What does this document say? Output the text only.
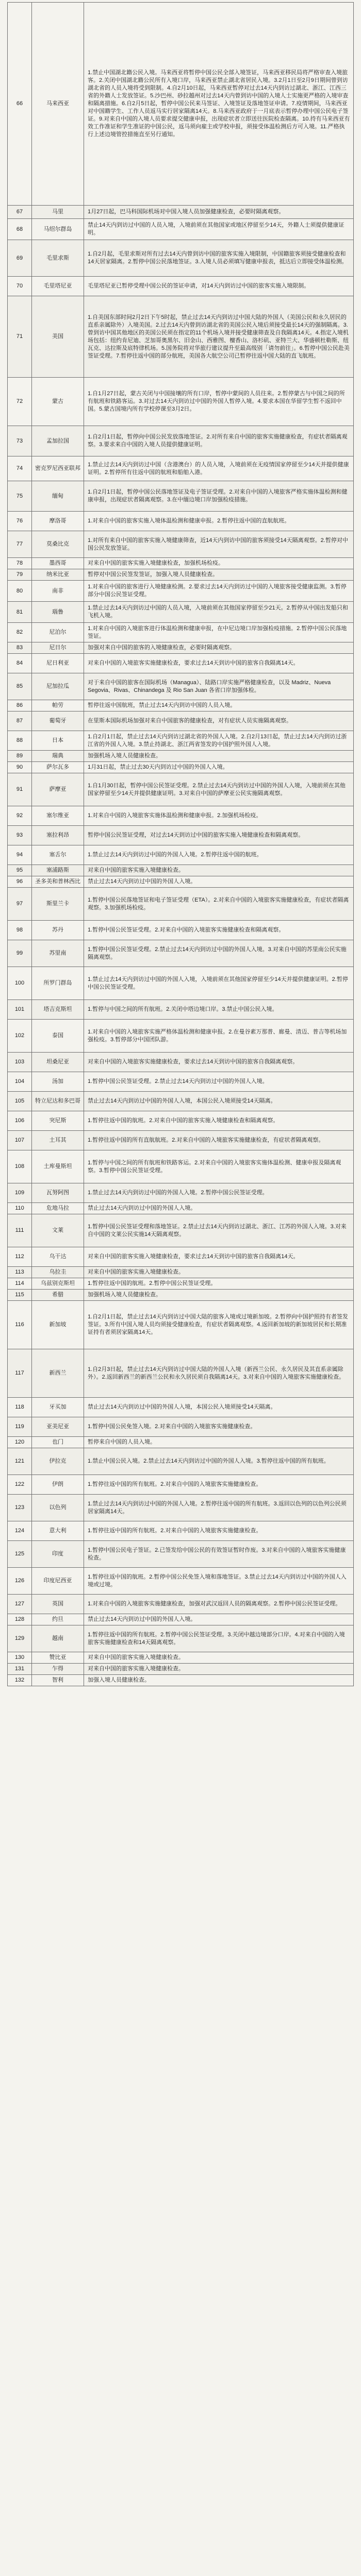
66	马来西亚	1.禁止中国湖北籍公民入境。马来西亚将暂停中国公民全部入境签证，马来西亚移民局将严格审查入境旅客。2.关闭中国湖北籍公民所有入境口岸，马来西亚禁止湖北省居民入境。3.2月1日至2月9日期间曾到访湖北省的人员入境将受到限制。4.自2月10日起，马来西亚暂停对过去14天内到访过湖北、浙江、江西三省的外籍人士发放签证。5.沙巴州、砂拉越州对过去14天内曾到访中国的入境人士实施更严格的入境审查和隔离措施。6.自2月5日起，暂停中国公民来马签证、入境签证及落地签证申请。7.疫情期间，马来西亚对中国籍学生、工作人员返马实行居家隔离14天。8.马来西亚政府于一月底表示暂停办理中国公民电子签证。9.对来自中国的入境人员要求提交健康申报，出现症状者立即送往医院检查隔离。10.持有马来西亚有效工作准证和学生准证的中国公民，返马须向雇主或学校申报，须接受体温检测后方可入境。11.严格执行上述边境管控措施直至另行通知。
67	马里	1月27日起，巴马科国际机场对中国入境人员加强健康检查，必要时隔离观察。
68	马绍尔群岛	禁止14天内到访过中国的人员入境，入境前须在其他国家或地区停留至少14天，外籍人士须提供健康证明。
69	毛里求斯	1.自2月起，毛里求斯对所有过去14天内曾到访中国的旅客实施入境限制，中国籍旅客须接受健康检查和14天居家隔离。2.暂停中国公民落地签证。3.入境人员必须填写健康申报表，抵达后立即接受体温检测。
70	毛里塔尼亚	毛里塔尼亚已暂停受理中国公民的签证申请，对14天内到访过中国的旅客实施入境限制。
71	美国	1.自美国东部时间2月2日下午5时起，禁止过去14天内到访过中国大陆的外国人（美国公民和永久居民的直系亲属除外）入境美国。2.过去14天内曾到访湖北省的美国公民入境后须接受最长14天的强制隔离。3.曾到访中国其他地区的美国公民须在指定的11个机场入境并接受健康筛查及自我隔离14天。4.指定入境机场包括：纽约肯尼迪、芝加哥奥黑尔、旧金山、西雅图、檀香山、洛杉矶、亚特兰大、华盛顿杜勒斯、纽瓦克、达拉斯及底特律机场。5.国务院将对华旅行建议提升至最高级别「请勿前往」。6.暂停中国公民赴美签证受理。7.暂停往返中国的部分航班，美国各大航空公司已暂停往返中国大陆的直飞航班。
72	蒙古	1.自1月27日起，蒙古关闭与中国接壤的所有口岸，暂停中蒙间的人员往来。2.暂停蒙古与中国之间的所有航班和铁路客运。3.对过去14天内到访过中国的外国人暂停入境。4.要求本国在华留学生暂不返回中国。5.蒙古国境内所有学校停课至3月2日。
73	孟加拉国	1.自2月1日起，暂停向中国公民发放落地签证。2.对所有来自中国的旅客实施健康检查，有症状者隔离观察。3.要求来自中国的入境人员提供健康证明。
74	密克罗尼西亚联邦	1.禁止过去14天内到访过中国（含港澳台）的人员入境，入境前须在无疫情国家停留至少14天并提供健康证明。2.暂停所有往返中国的航班和船舶入港。
75	缅甸	1.自2月1日起，暂停中国公民落地签证及电子签证受理。2.对来自中国的入境旅客严格实施体温检测和健康申报，出现症状者隔离观察。3.在中缅边境口岸加强检疫措施。
76	摩洛哥	1.对来自中国的旅客实施入境体温检测和健康申报。2.暂停往返中国的直航航班。
77	莫桑比克	1.对所有来自中国的旅客实施入境健康筛查，近14天内到访中国的旅客须接受14天隔离观察。2.暂停对中国公民发放签证。
78	墨西哥	对来自中国的旅客实施入境健康检查，加强机场检疫。
79	纳米比亚	暂停对中国公民签发签证，加强入境人员健康检查。
80	南非	1.对来自中国的旅客进行入境健康检测。2.要求过去14天内到访过中国的入境旅客接受健康监测。3.暂停部分中国公民签证受理。
81	瑙鲁	1.禁止过去14天内到访过中国的人员入境，入境前须在其他国家停留至少21天。2.暂停从中国出发船只和飞机入境。
82	尼泊尔	1.对来自中国的入境旅客进行体温检测和健康申报，在中尼边境口岸加强检疫措施。2.暂停中国公民落地签证。
83	尼日尔	加强对来自中国的旅客的入境健康检查，必要时隔离观察。
84	尼日利亚	对来自中国的入境旅客实施健康检查，要求过去14天到访中国的旅客自我隔离14天。
85	尼加拉瓜	对于来自中国的旅客在国际机场（Managua）、陆路口岸实施严格健康检查，以及 Madriz、Nueva Segovia、Rivas、Chinandega 及 Rio San Juan 各省口岸加强体检。
86	帕劳	暂停往返中国航班，禁止过去14天内到访中国的人员入境。
87	葡萄牙	在里斯本国际机场加强对来自中国旅客的健康检查，对有症状人员实施隔离观察。
88	日本	1.自2月1日起，禁止过去14天内到访过湖北省的外国人入境。2.自2月13日起，禁止过去14天内到访过浙江省的外国人入境。3.禁止持湖北、浙江两省签发的中国护照外国人入境。
89	瑞典	加强机场入境人员健康检查。
90	萨尔瓦多	1月31日起，禁止过去30天内到访过中国的外国人入境。
91	萨摩亚	1.自1月30日起，暂停中国公民签证受理。2.禁止过去14天内到访过中国的外国人入境，入境前须在其他国家停留至少14天并提供健康证明。3.对来自中国的萨摩亚公民实施隔离观察。
92	塞尔维亚	1.对来自中国的入境旅客实施体温检测和健康申报。2.加强机场检疫。
93	塞拉利昂	暂停中国公民签证受理，对过去14天到访过中国的旅客实施入境健康检查和隔离观察。
94	塞舌尔	1.禁止过去14天内到访过中国的外国人入境。2.暂停往返中国的航班。
95	塞浦路斯	对来自中国的旅客实施入境健康检查。
96	圣多美和普林西比	禁止过去14天内到访过中国的外国人入境。
97	斯里兰卡	1.暂停中国公民落地签证和电子签证受理（ETA）。2.对来自中国的入境旅客实施健康检查，有症状者隔离观察。3.加强机场检疫。
98	苏丹	1.暂停中国公民签证受理。2.对来自中国的入境旅客实施健康检查和隔离观察。
99	苏里南	1.暂停中国公民签证受理。2.禁止过去14天内到访过中国的外国人入境。3.对来自中国的苏里南公民实施隔离观察。
100	所罗门群岛	1.禁止过去14天内到访过中国的外国人入境，入境前须在其他国家停留至少14天并提供健康证明。2.暂停中国公民签证受理。
101	塔吉克斯坦	1.暂停与中国之间的所有航班。2.关闭中塔边境口岸。3.禁止中国公民入境。
102	泰国	1.对来自中国的入境旅客实施严格体温检测和健康申报。2.在曼谷素万那普、廊曼、清迈、普吉等机场加强检疫。3.暂停部分中国团队游。
103	坦桑尼亚	对来自中国的入境旅客实施健康检查，要求过去14天到访中国的旅客自我隔离观察。
104	汤加	1.暂停中国公民签证受理。2.禁止过去14天内到访过中国的外国人入境。
105	特立尼达和多巴哥	禁止过去14天内到访过中国的外国人入境，本国公民入境须接受14天隔离。
106	突尼斯	1.暂停往返中国的航班。2.对来自中国的旅客实施入境健康检查和隔离观察。
107	土耳其	1.暂停往返中国的所有直航航班。2.对来自中国的入境旅客实施健康检查，有症状者隔离观察。
108	土库曼斯坦	1.暂停与中国之间的所有航班和铁路客运。2.对来自中国的入境旅客实施体温检测、健康申报及隔离观察。3.暂停中国公民签证受理。
109	瓦努阿图	1.禁止过去14天内到访过中国的外国人入境。2.暂停中国公民签证受理。
110	危地马拉	禁止过去14天内到访过中国的外国人入境。
111	文莱	1.暂停中国公民签证受理和落地签证。2.禁止过去14天内到访过湖北、浙江、江苏的外国人入境。3.对来自中国的文莱公民实施14天隔离观察。
112	乌干达	对来自中国的旅客实施入境健康检查，要求过去14天到访中国的旅客自我隔离14天。
113	乌拉圭	对来自中国的旅客实施入境健康检查。
114	乌兹别克斯坦	1.暂停往返中国的航班。2.暂停中国公民签证受理。
115	希腊	加强机场入境人员健康检查。
116	新加坡	1.自2月1日起，禁止过去14天内到访过中国大陆的旅客入境或过境新加坡。2.暂停向中国护照持有者签发签证。3.所有中国入境人员均须接受健康检查，有症状者隔离观察。4.返回新加坡的新加坡居民和长期准证持有者须居家隔离14天。
117	新西兰	1.自2月3日起，禁止过去14天内到访过中国大陆的外国人入境（新西兰公民、永久居民及其直系亲属除外）。2.返回新西兰的新西兰公民和永久居民须自我隔离14天。3.对来自中国的入境旅客实施健康检查。
118	牙买加	禁止过去14天内到访过中国的外国人入境，本国公民入境须接受14天隔离。
119	亚美尼亚	1.暂停中国公民免签入境。2.对来自中国的入境旅客实施健康检查。
120	也门	暂停来自中国的人员入境。
121	伊拉克	1.禁止中国公民入境。2.禁止过去14天内到访过中国的外国人入境。3.暂停往返中国的所有航班。
122	伊朗	1.暂停往返中国的所有航班。2.对来自中国的入境旅客实施健康检查。
123	以色列	1.禁止过去14天内到访过中国的外国人入境。2.暂停往返中国的所有航班。3.返回以色列的以色列公民须居家隔离14天。
124	意大利	1.暂停往返中国的所有航班。2.对来自中国的入境旅客实施健康检查。
125	印度	1.暂停中国公民电子签证。2.已签发给中国公民的有效签证暂时作废。3.对来自中国的入境旅客实施健康检查。
126	印度尼西亚	1.暂停往返中国的航班。2.暂停中国公民免签入境和落地签证。3.禁止过去14天内到访过中国的外国人入境或过境。
127	英国	1.对来自中国的入境旅客实施健康检查，加强对武汉返回人员的隔离观察。2.暂停中国公民签证受理。
128	约旦	禁止过去14天内到访过中国的外国人入境。
129	越南	1.暂停往返中国的所有航班。2.暂停中国公民签证受理。3.关闭中越边境部分口岸。4.对来自中国的入境旅客实施健康检查和14天隔离观察。
130	赞比亚	对来自中国的旅客实施入境健康检查。
131	乍得	对来自中国的旅客实施入境健康检查。
132	智利	加强入境人员健康检查。
